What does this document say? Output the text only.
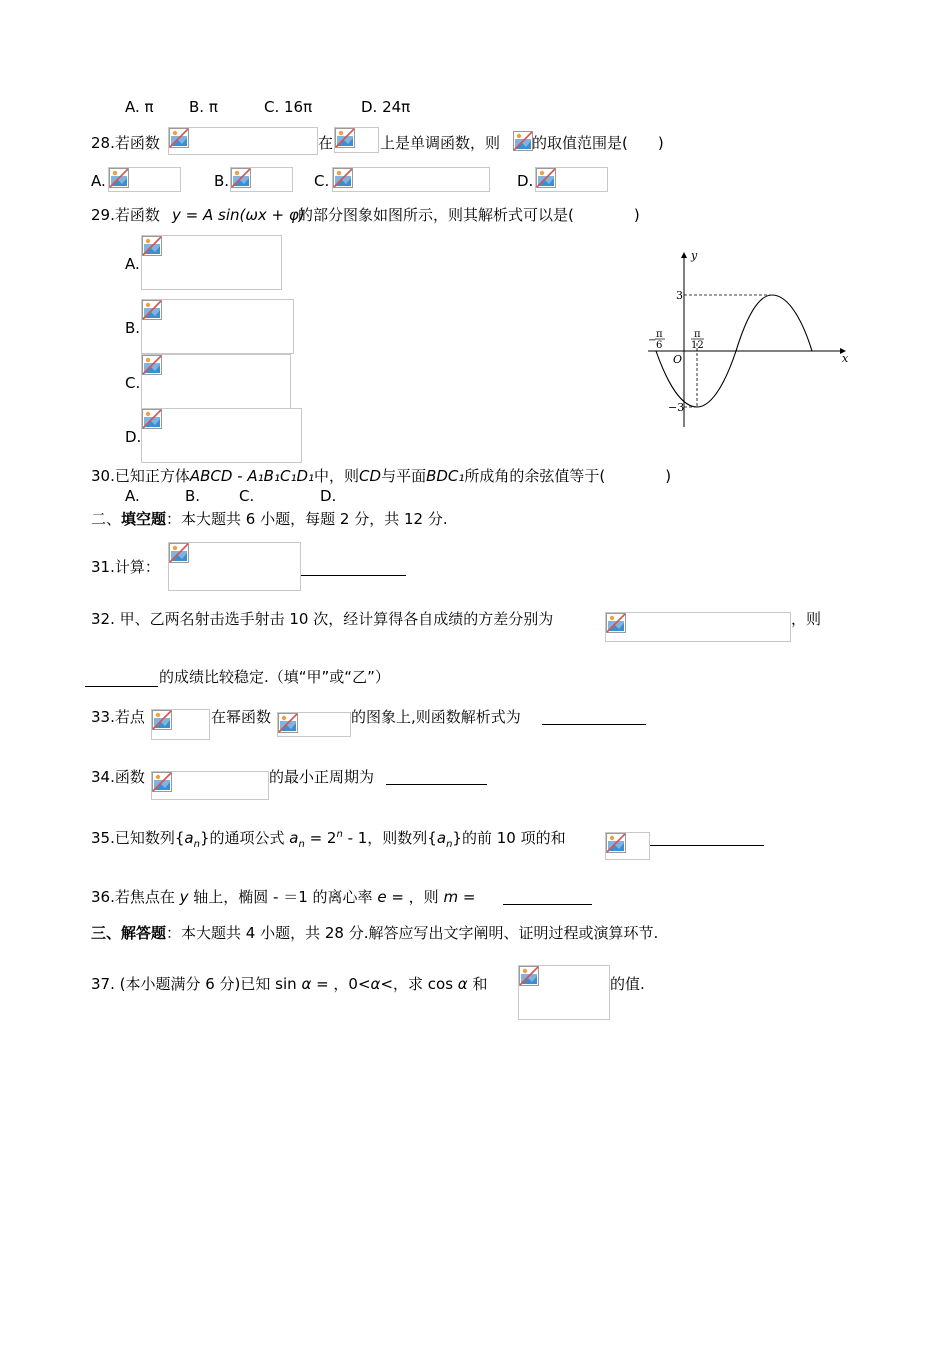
A. π B. π	C. 16π	D. 24π
28.若函数	在	上是单调函数，则 的取值范围是(　　)
A.	B.	C.	D.
29.若函数 y = A sin(ωx + φ)
的部分图象如图所示，则其解析式可以是(　　　　)
A.
B.
C.
D.
y
x
O
3
−3
−
π
6
π
12
30.已知正方体ABCD - A₁B₁C₁D₁中，则CD与平面BDC₁所成角的余弦值等于(　　　　)
A.	B.	C.	D.
二、填空题：本大题共 6 小题，每题 2 分，共 12 分.
31.计算：
32. 甲、乙两名射击选手射击 10 次，经计算得各自成绩的方差分别为	，则
的成绩比较稳定.（填“甲”或“乙”）
33.若点	在幂函数	的图象上,则函数解析式为
34.函数	的最小正周期为
35.已知数列$\{a_n\}$的通项公式 $a_n = 2^n - 1$，则数列$\{a_n\}$的前 10 项的和
36.若焦点在 y 轴上，椭圆 - ＝1 的离心率 e = ，则 m =
三、解答题：本大题共 4 小题，共 28 分.解答应写出文字阐明、证明过程或演算环节.
37. (本小题满分 6 分)已知 sin α = ，0<α<，求 cos α 和	的值.
